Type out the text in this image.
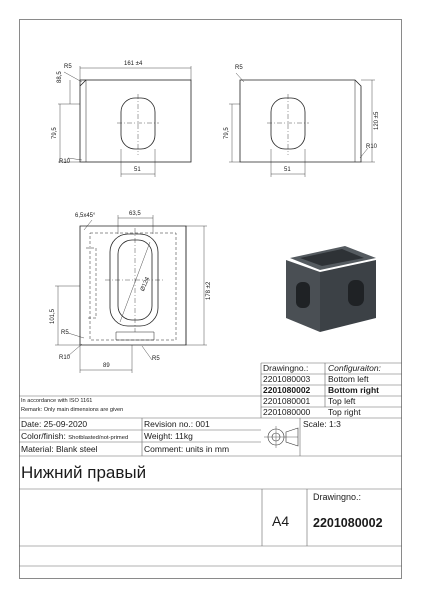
R5	161 ±4
88,5
79,5
R10
51
R5
79,5
120 ±5
R10
51
6,5x45°	63,5
Ø124	178 ±2
101,5
R5
R10	R5
89	Drawingno.: Configuraiton:
2201080003 Bottom left
2201080002 Bottom right
2201080001 Top left
2201080000 Top right
In accordance with ISO 1161
Remark: Only main dimensions are given
Date: 25-09-2020	Revision no.: 001	Scale: 1:3
Color/finish: Shotblasted/not-primed Weight: 11kg
Material: Blank steel	Comment: units in mm
Нижний правый
A4
Drawingno.:
2201080002
